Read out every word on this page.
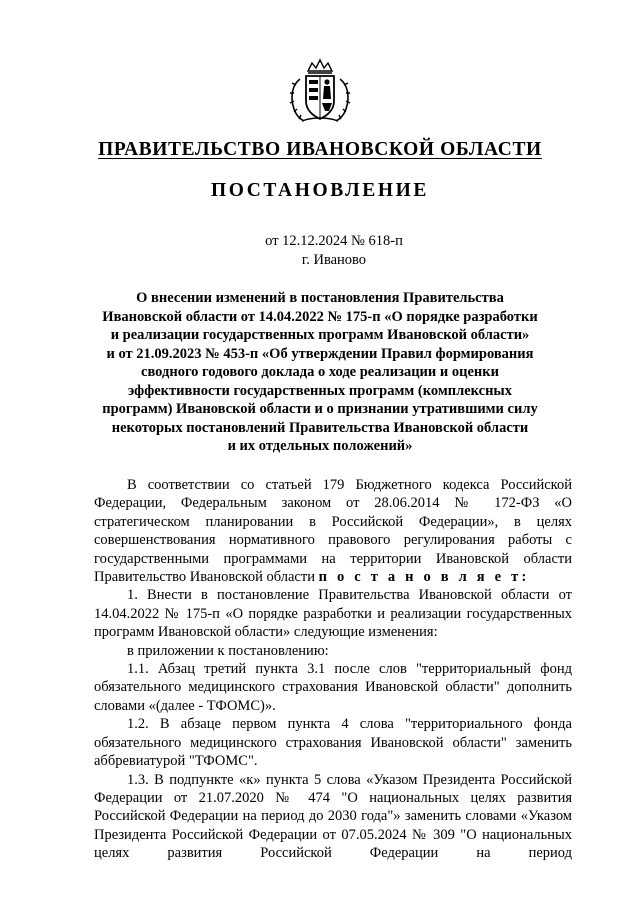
ПРАВИТЕЛЬСТВО ИВАНОВСКОЙ ОБЛАСТИ
ПОСТАНОВЛЕНИЕ
от 12.12.2024 № 618-п
г. Иваново
О внесении изменений в постановления Правительства
Ивановской области от 14.04.2022 № 175-п «О порядке разработки
и реализации государственных программ Ивановской области»
и от 21.09.2023 № 453-п «Об утверждении Правил формирования
сводного годового доклада о ходе реализации и оценки
эффективности государственных программ (комплексных
программ) Ивановской области и о признании утратившими силу
некоторых постановлений Правительства Ивановской области
и их отдельных положений»

В соответствии со статьей 179 Бюджетного кодекса Российской Федерации, Федеральным законом от 28.06.2014 № 172-ФЗ «О стратегическом планировании в Российской Федерации», в целях совершенствования нормативного правового регулирования работы с государственными программами на территории Ивановской области Правительство Ивановской области п о с т а н о в л я е т:

1. Внести в постановление Правительства Ивановской области от 14.04.2022 № 175-п «О порядке разработки и реализации государственных программ Ивановской области» следующие изменения:

в приложении к постановлению:

1.1. Абзац третий пункта 3.1 после слов "территориальный фонд обязательного медицинского страхования Ивановской области" дополнить словами «(далее - ТФОМС)».

1.2. В абзаце первом пункта 4 слова "территориального фонда обязательного медицинского страхования Ивановской области" заменить аббревиатурой "ТФОМС".

1.3. В подпункте «к» пункта 5 слова «Указом Президента Российской Федерации от 21.07.2020 № 474 "О национальных целях развития Российской Федерации на период до 2030 года"» заменить словами «Указом Президента Российской Федерации от 07.05.2024 № 309 "О национальных целях развития Российской Федерации на период
